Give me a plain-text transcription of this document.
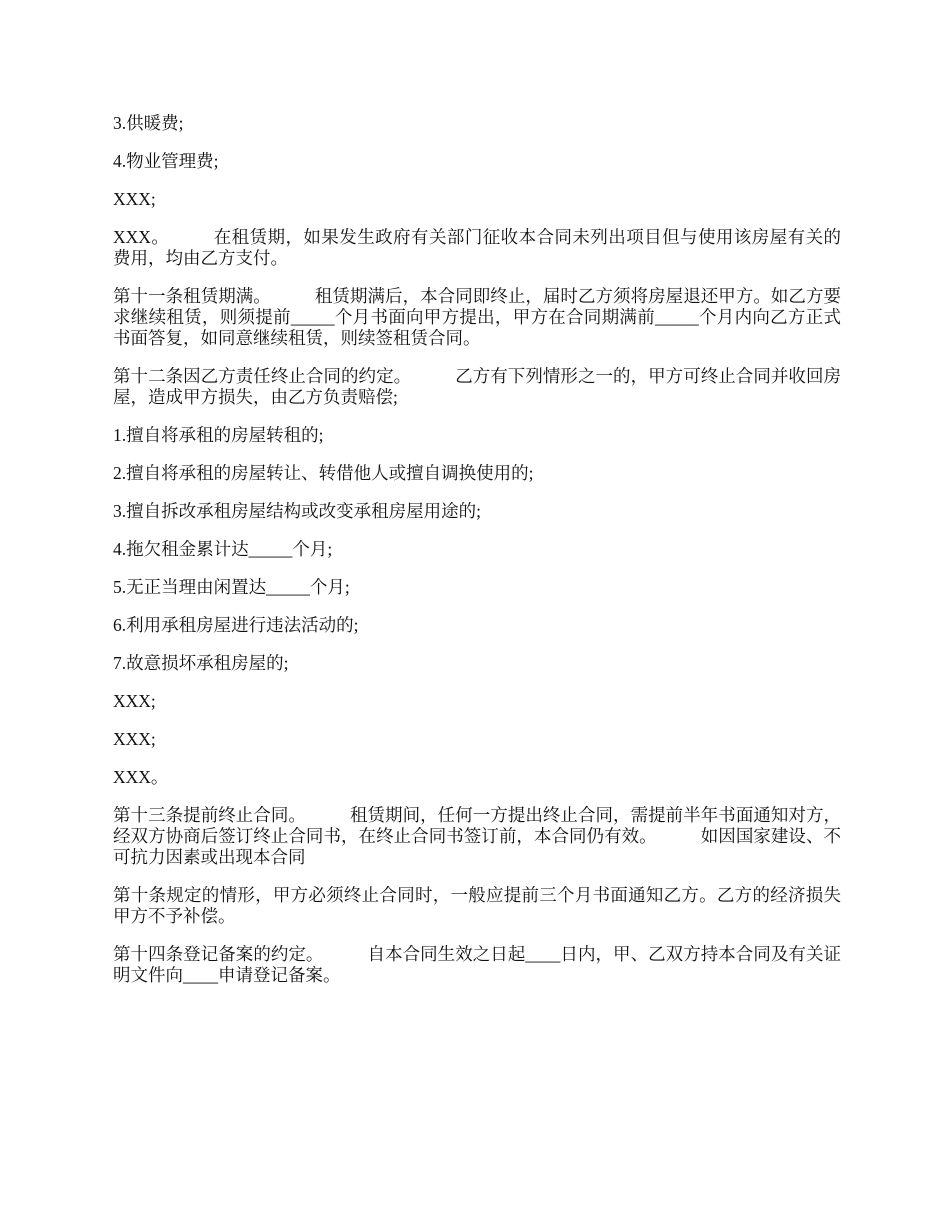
3.供暖费;

4.物业管理费;

XXX;

XXX。	在租赁期，如果发生政府有关部门征收本合同未列出项目但与使用该房屋有关的费用，均由乙方支付。

第十一条租赁期满。	租赁期满后，本合同即终止，届时乙方须将房屋退还甲方。如乙方要求继续租赁，则须提前_____个月书面向甲方提出，甲方在合同期满前_____个月内向乙方正式书面答复，如同意继续租赁，则续签租赁合同。

第十二条因乙方责任终止合同的约定。	乙方有下列情形之一的，甲方可终止合同并收回房屋，造成甲方损失，由乙方负责赔偿;

1.擅自将承租的房屋转租的;

2.擅自将承租的房屋转让、转借他人或擅自调换使用的;

3.擅自拆改承租房屋结构或改变承租房屋用途的;

4.拖欠租金累计达_____个月;

5.无正当理由闲置达_____个月;

6.利用承租房屋进行违法活动的;

7.故意损坏承租房屋的;

XXX;

XXX;

XXX。

第十三条提前终止合同。	租赁期间，任何一方提出终止合同，需提前半年书面通知对方，经双方协商后签订终止合同书，在终止合同书签订前，本合同仍有效。	如因国家建设、不可抗力因素或出现本合同

第十条规定的情形，甲方必须终止合同时，一般应提前三个月书面通知乙方。乙方的经济损失甲方不予补偿。

第十四条登记备案的约定。	自本合同生效之日起____日内，甲、乙双方持本合同及有关证明文件向____申请登记备案。
